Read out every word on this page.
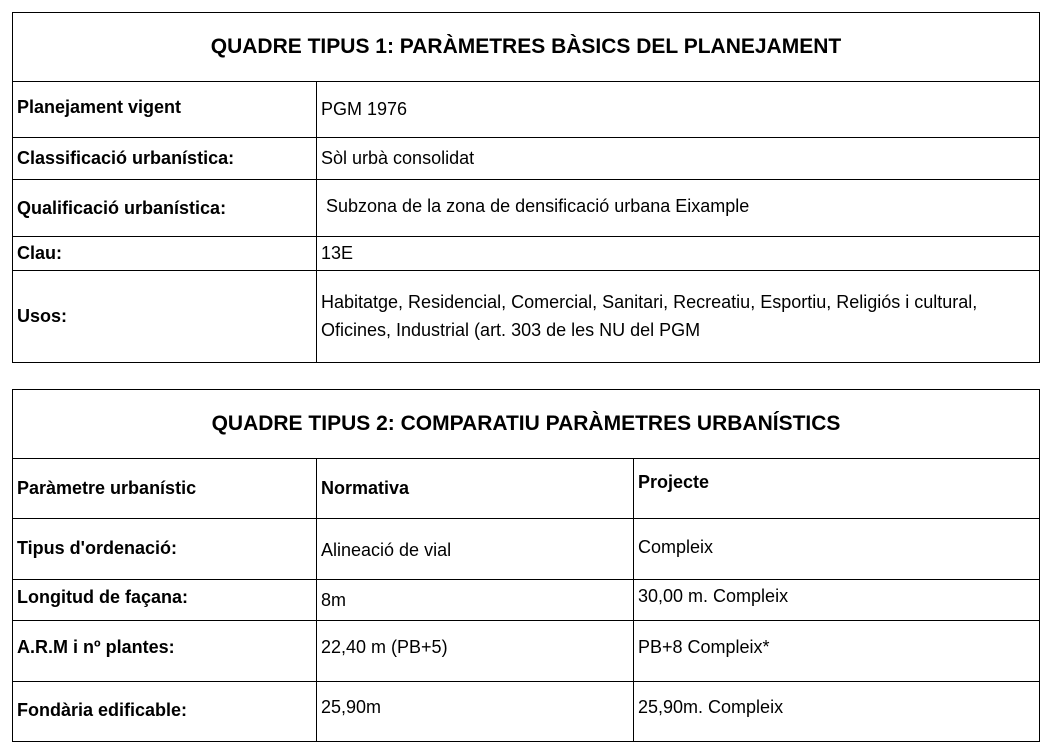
QUADRE TIPUS 1: PARÀMETRES BÀSICS DEL PLANEJAMENT
Planejament vigent	PGM 1976
Classificació urbanística:	Sòl urbà consolidat
Qualificació urbanística:	Subzona de la zona de densificació urbana Eixample
Clau:	13E
Usos:
Habitatge, Residencial, Comercial, Sanitari, Recreatiu, Esportiu, Religiós i cultural, Oficines, Industrial (art. 303 de les NU del PGM
QUADRE TIPUS 2: COMPARATIU PARÀMETRES URBANÍSTICS
Paràmetre urbanístic	Normativa	Projecte
Tipus d'ordenació:	Alineació de vial	Compleix
Longitud de façana:	8m	30,00 m. Compleix
A.R.M i nº plantes:	22,40 m (PB+5)	PB+8 Compleix*
Fondària edificable:	25,90m	25,90m. Compleix
